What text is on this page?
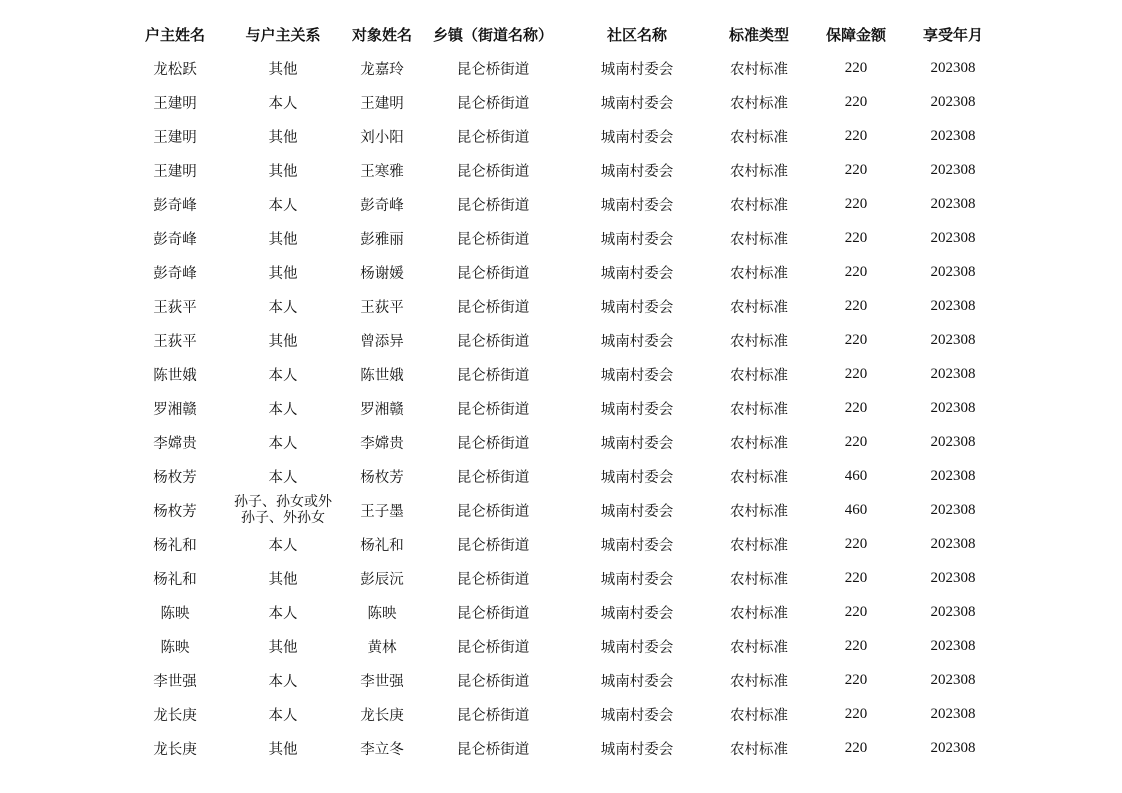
户主姓名	与户主关系	对象姓名	乡镇（街道名称）	社区名称	标准类型	保障金额	享受年月
龙松跃	其他	龙嘉玲	昆仑桥街道	城南村委会	农村标准	220	202308
王建明	本人	王建明	昆仑桥街道	城南村委会	农村标准	220	202308
王建明	其他	刘小阳	昆仑桥街道	城南村委会	农村标准	220	202308
王建明	其他	王寒雅	昆仑桥街道	城南村委会	农村标准	220	202308
彭奇峰	本人	彭奇峰	昆仑桥街道	城南村委会	农村标准	220	202308
彭奇峰	其他	彭雅丽	昆仑桥街道	城南村委会	农村标准	220	202308
彭奇峰	其他	杨谢媛	昆仑桥街道	城南村委会	农村标准	220	202308
王荻平	本人	王荻平	昆仑桥街道	城南村委会	农村标准	220	202308
王荻平	其他	曾添异	昆仑桥街道	城南村委会	农村标准	220	202308
陈世娥	本人	陈世娥	昆仑桥街道	城南村委会	农村标准	220	202308
罗湘赣	本人	罗湘赣	昆仑桥街道	城南村委会	农村标准	220	202308
李嫦贵	本人	李嫦贵	昆仑桥街道	城南村委会	农村标准	220	202308
杨枚芳	本人	杨枚芳	昆仑桥街道	城南村委会	农村标准	460	202308
杨枚芳	孙子、孙女或外孙子、外孙女	王子墨	昆仑桥街道	城南村委会	农村标准	460	202308
杨礼和	本人	杨礼和	昆仑桥街道	城南村委会	农村标准	220	202308
杨礼和	其他	彭辰沅	昆仑桥街道	城南村委会	农村标准	220	202308
陈映	本人	陈映	昆仑桥街道	城南村委会	农村标准	220	202308
陈映	其他	黄林	昆仑桥街道	城南村委会	农村标准	220	202308
李世强	本人	李世强	昆仑桥街道	城南村委会	农村标准	220	202308
龙长庚	本人	龙长庚	昆仑桥街道	城南村委会	农村标准	220	202308
龙长庚	其他	李立冬	昆仑桥街道	城南村委会	农村标准	220	202308
